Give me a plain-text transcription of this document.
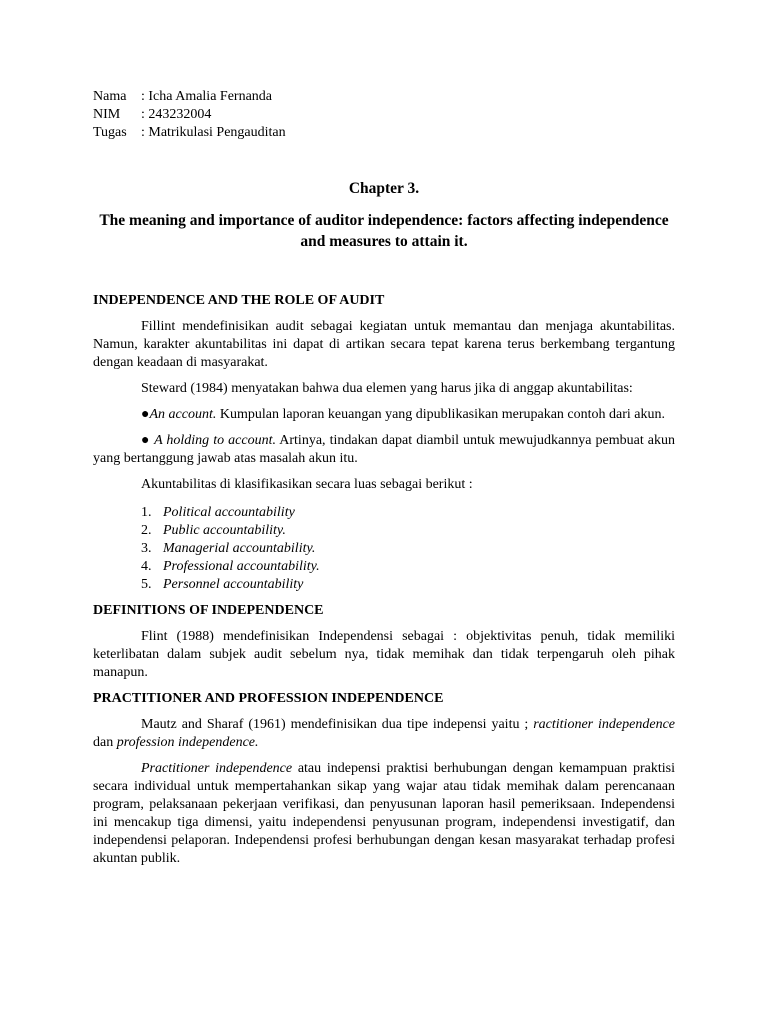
Nama	: Icha Amalia Fernanda
NIM	: 243232004
Tugas	: Matrikulasi Pengauditan
Chapter 3.
The meaning and importance of auditor independence: factors affecting independence and measures to attain it.
INDEPENDENCE AND THE ROLE OF AUDIT

Fillint mendefinisikan audit sebagai kegiatan untuk memantau dan menjaga akuntabilitas. Namun, karakter akuntabilitas ini dapat di artikan secara tepat karena terus berkembang tergantung dengan keadaan di masyarakat.

Steward (1984) menyatakan bahwa dua elemen yang harus jika di anggap akuntabilitas:

●An account. Kumpulan laporan keuangan yang dipublikasikan merupakan contoh dari akun.

● A holding to account. Artinya, tindakan dapat diambil untuk mewujudkannya pembuat akun yang bertanggung jawab atas masalah akun itu.

Akuntabilitas di klasifikasikan secara luas sebagai berikut :

1. Political accountability
2. Public accountability.
3. Managerial accountability.
4. Professional accountability.
5. Personnel accountability
DEFINITIONS OF INDEPENDENCE

Flint (1988) mendefinisikan Independensi sebagai : objektivitas penuh, tidak memiliki keterlibatan dalam subjek audit sebelum nya, tidak memihak dan tidak terpengaruh oleh pihak manapun.

PRACTITIONER AND PROFESSION INDEPENDENCE

Mautz and Sharaf (1961) mendefinisikan dua tipe indepensi yaitu ; ractitioner independence dan profession independence.

Practitioner independence atau indepensi praktisi berhubungan dengan kemampuan praktisi secara individual untuk mempertahankan sikap yang wajar atau tidak memihak dalam perencanaan program, pelaksanaan pekerjaan verifikasi, dan penyusunan laporan hasil pemeriksaan. Independensi ini mencakup tiga dimensi, yaitu independensi penyusunan program, independensi investigatif, dan independensi pelaporan. Independensi profesi berhubungan dengan kesan masyarakat terhadap profesi akuntan publik.
